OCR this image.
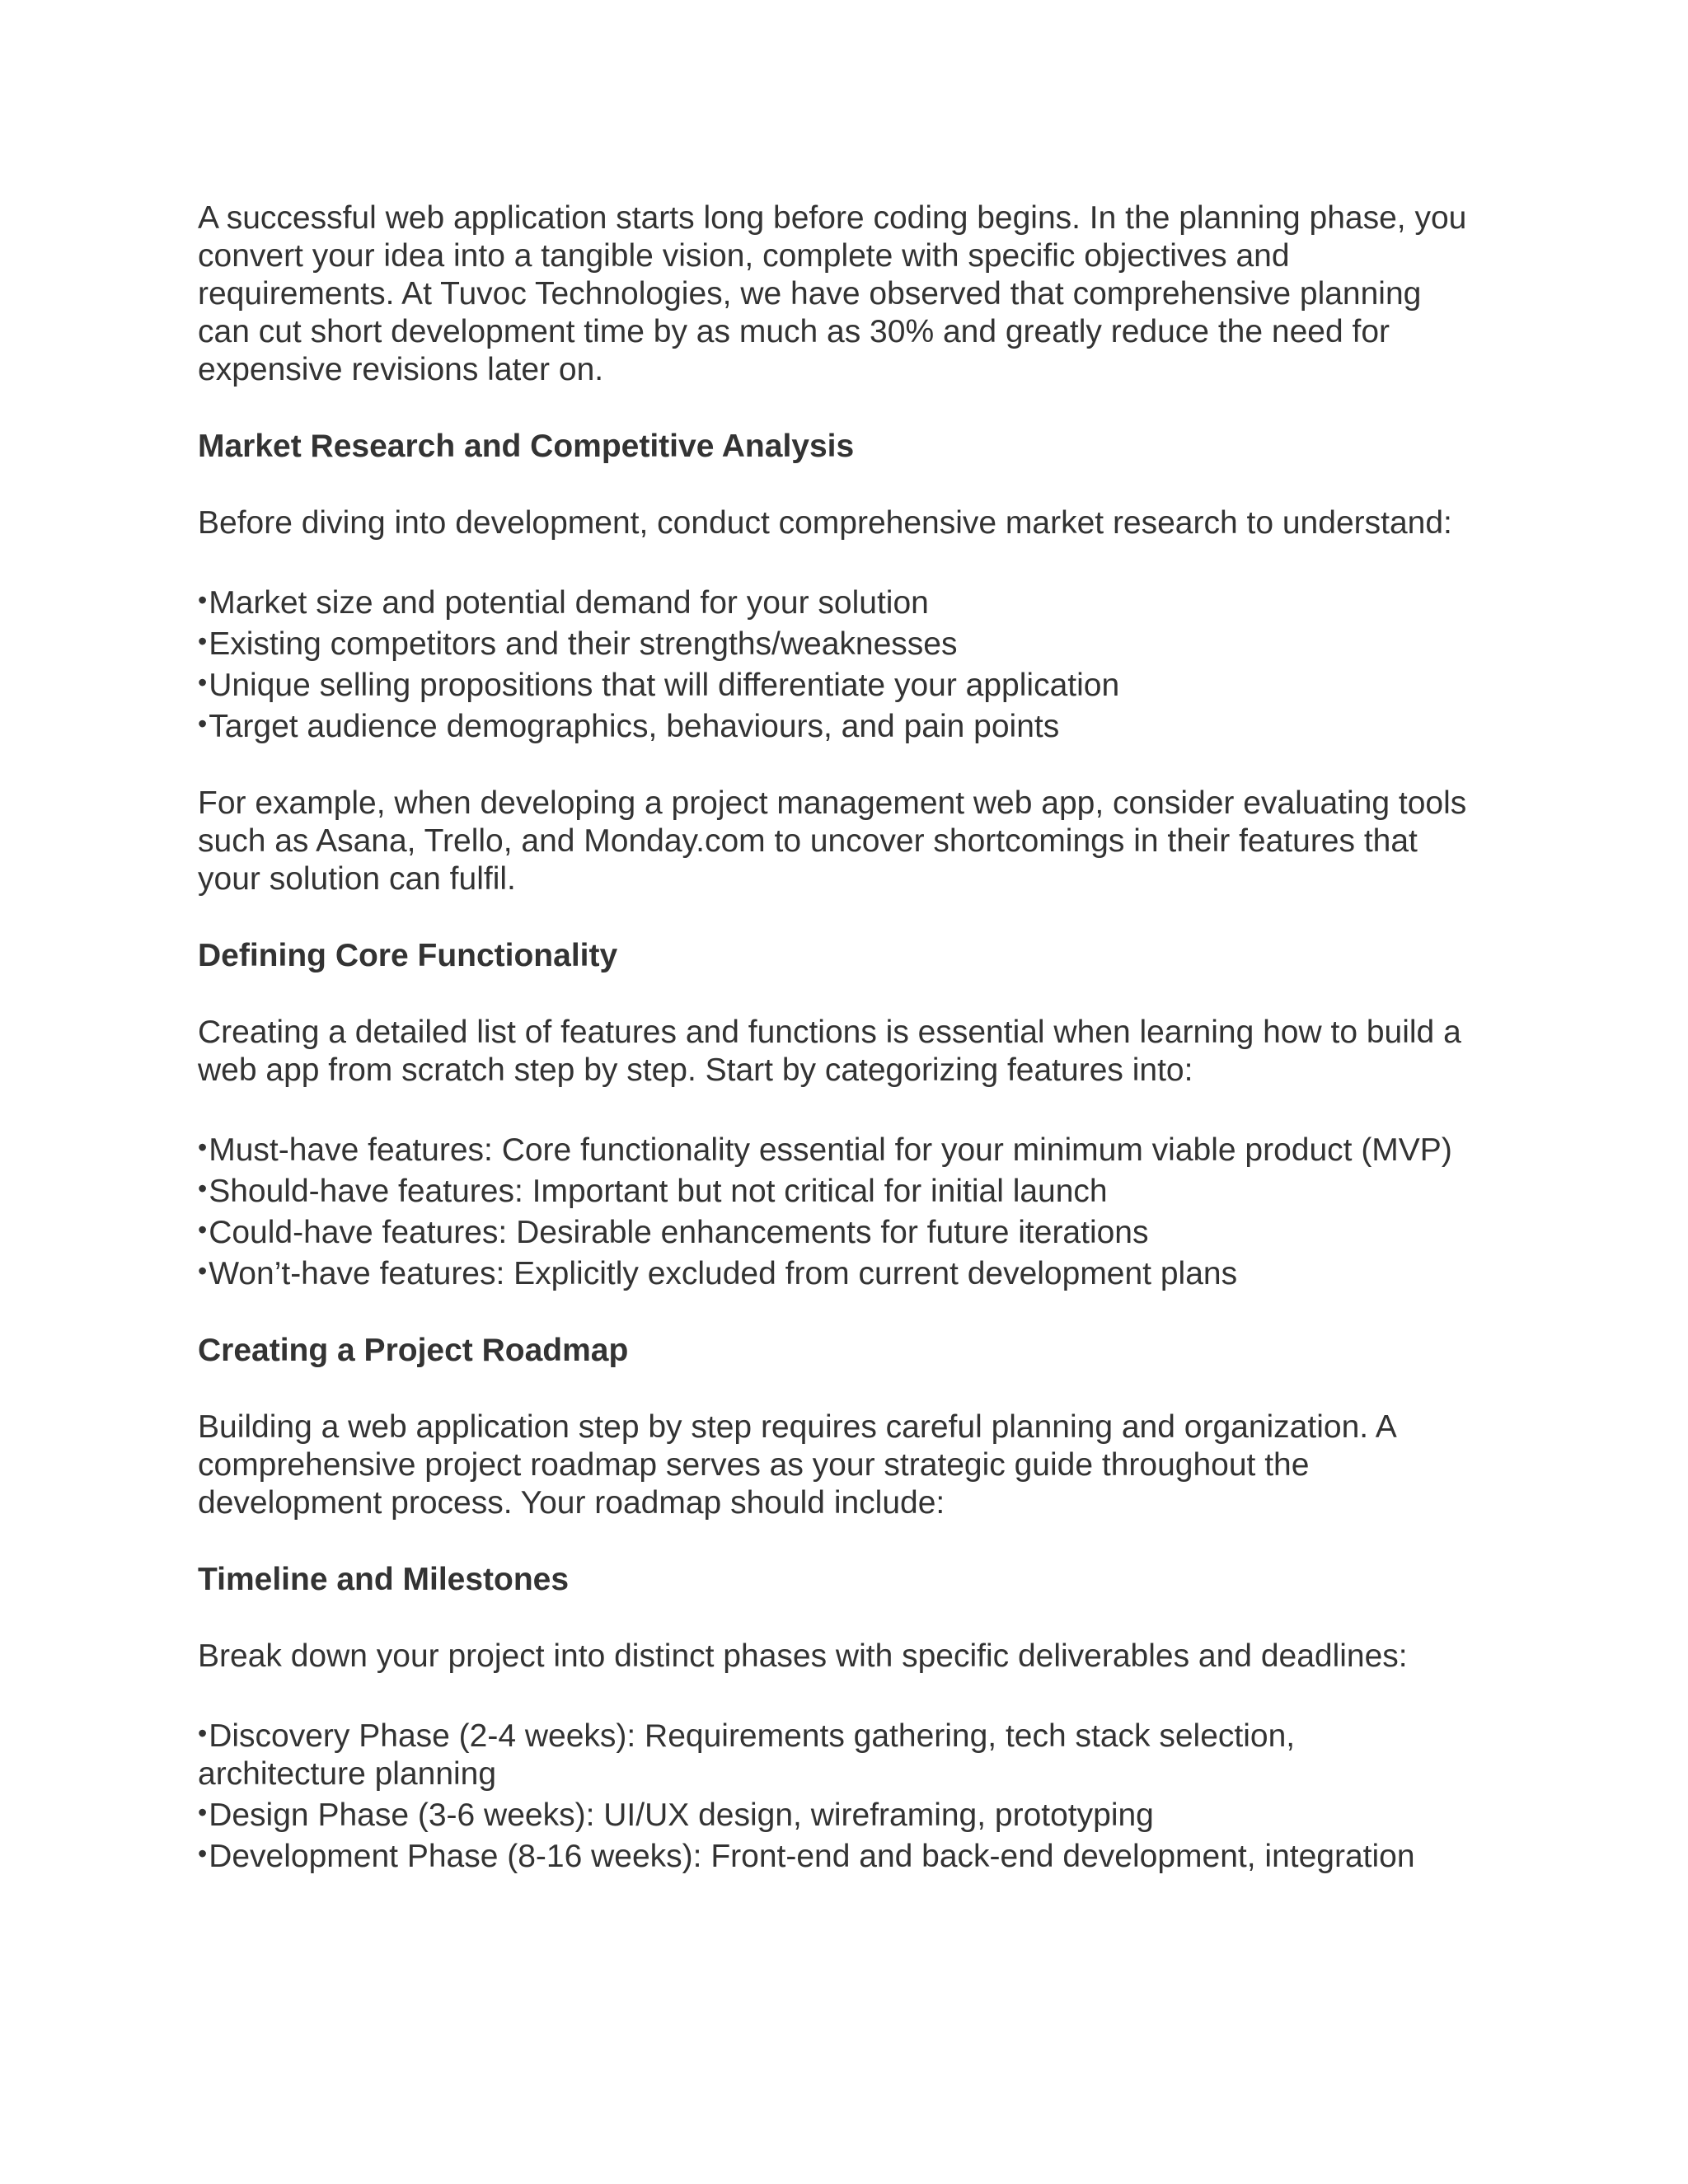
A successful web application starts long before coding begins. In the planning phase, you convert your idea into a tangible vision, complete with specific objectives and requirements. At Tuvoc Technologies, we have observed that comprehensive planning can cut short development time by as much as 30% and greatly reduce the need for expensive revisions later on.

Market Research and Competitive Analysis

Before diving into development, conduct comprehensive market research to understand:

•Market size and potential demand for your solution
•Existing competitors and their strengths/weaknesses
•Unique selling propositions that will differentiate your application
•Target audience demographics, behaviours, and pain points

For example, when developing a project management web app, consider evaluating tools such as Asana, Trello, and Monday.com to uncover shortcomings in their features that your solution can fulfil.

Defining Core Functionality

Creating a detailed list of features and functions is essential when learning how to build a web app from scratch step by step. Start by categorizing features into:

•Must-have features: Core functionality essential for your minimum viable product (MVP)
•Should-have features: Important but not critical for initial launch
•Could-have features: Desirable enhancements for future iterations
•Won’t-have features: Explicitly excluded from current development plans
Creating a Project Roadmap

Building a web application step by step requires careful planning and organization. A comprehensive project roadmap serves as your strategic guide throughout the development process. Your roadmap should include:

Timeline and Milestones

Break down your project into distinct phases with specific deliverables and deadlines:

•Discovery Phase (2-4 weeks): Requirements gathering, tech stack selection, architecture planning
•Design Phase (3-6 weeks): UI/UX design, wireframing, prototyping
•Development Phase (8-16 weeks): Front-end and back-end development, integration
